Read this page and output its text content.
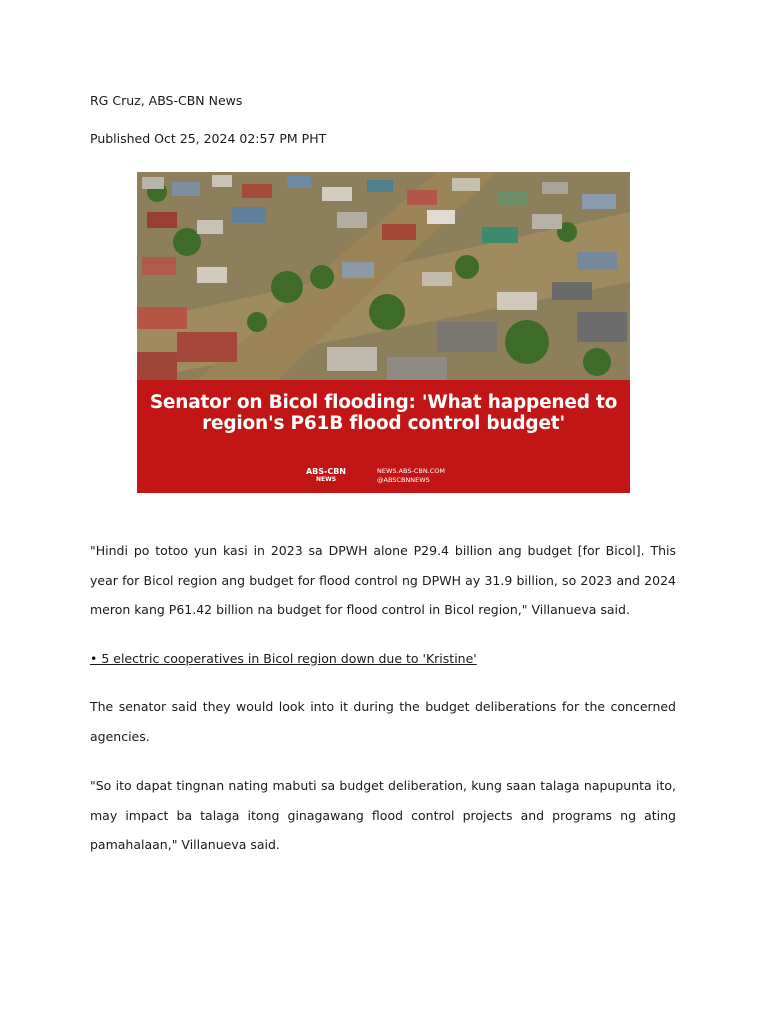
RG Cruz, ABS-CBN News
Published Oct 25, 2024 02:57 PM PHT
Senator on Bicol flooding: 'What happened to region's P61B flood control budget'
ABS-CBN
NEWS
NEWS.ABS-CBN.COM
@ABSCBNNEWS
"Hindi po totoo yun kasi in 2023 sa DPWH alone P29.4 billion ang budget [for Bicol]. This year for Bicol region ang budget for flood control ng DPWH ay 31.9 billion, so 2023 and 2024 meron kang P61.42 billion na budget for flood control in Bicol region," Villanueva said.
• 5 electric cooperatives in Bicol region down due to 'Kristine'
The senator said they would look into it during the budget deliberations for the concerned agencies.
"So ito dapat tingnan nating mabuti sa budget deliberation, kung saan talaga napupunta ito, may impact ba talaga itong ginagawang flood control projects and programs ng ating pamahalaan," Villanueva said.
